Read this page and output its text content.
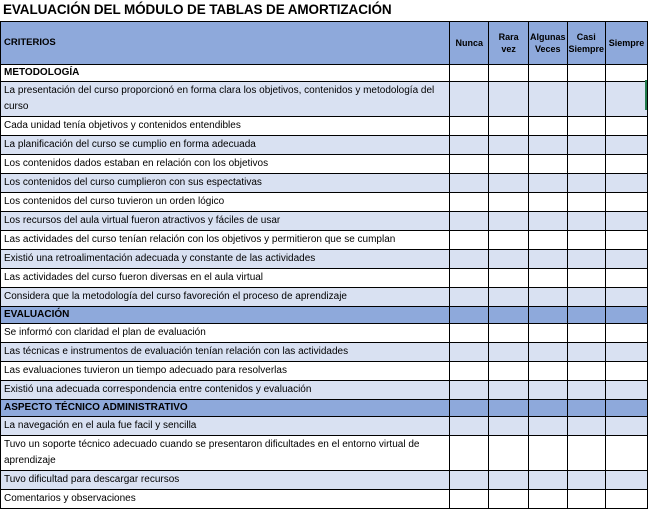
EVALUACIÓN DEL MÓDULO DE TABLAS DE AMORTIZACIÓN
CRITERIOS	Nunca	Rara vez	Algunas Veces	Casi Siempre	Siempre
METODOLOGÍA					
La presentación del curso proporcionó en forma clara los objetivos, contenidos y metodología del curso					
Cada unidad tenía objetivos y contenidos entendibles					
La planificación del curso se cumplio en forma adecuada					
Los contenidos dados estaban en relación con los objetivos					
Los contenidos del curso cumplieron con sus espectativas					
Los contenidos del curso tuvieron un orden lógico					
Los recursos del aula virtual fueron atractivos y fáciles de usar					
Las actividades del curso tenían relación con los objetivos y permitieron que se cumplan					
Existió una retroalimentación adecuada y constante de las actividades					
Las actividades del curso fueron diversas en el aula virtual					
Considera que la metodología del curso favoreción el proceso de aprendizaje					
EVALUACIÓN					
Se informó con claridad el plan de evaluación					
Las técnicas e instrumentos de evaluación tenían relación con las actividades					
Las evaluaciones tuvieron un tiempo adecuado para resolverlas					
Existió una adecuada correspondencia entre contenidos y evaluación					
ASPECTO TÉCNICO ADMINISTRATIVO					
La navegación en el aula fue facil y sencilla					
Tuvo un soporte técnico adecuado cuando se presentaron dificultades en el entorno virtual de aprendizaje					
Tuvo dificultad para descargar recursos					
Comentarios y observaciones					
